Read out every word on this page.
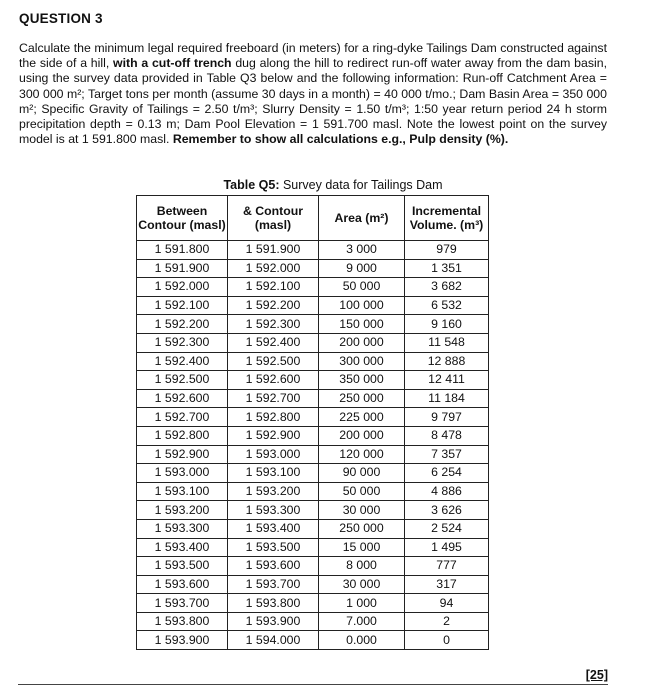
QUESTION 3
Calculate the minimum legal required freeboard (in meters) for a ring-dyke Tailings Dam constructed against the side of a hill, with a cut-off trench dug along the hill to redirect run-off water away from the dam basin, using the survey data provided in Table Q3 below and the following information: Run-off Catchment Area = 300 000 m²; Target tons per month (assume 30 days in a month) = 40 000 t/mo.; Dam Basin Area = 350 000 m²; Specific Gravity of Tailings = 2.50 t/m³; Slurry Density = 1.50 t/m³; 1:50 year return period 24 h storm precipitation depth = 0.13 m; Dam Pool Elevation = 1 591.700 masl. Note the lowest point on the survey model is at 1 591.800 masl. Remember to show all calculations e.g., Pulp density (%).
Table Q5: Survey data for Tailings Dam
Between Contour (masl)	& Contour (masl)	Area (m²)	Incremental Volume. (m³)
1 591.800	1 591.900	3 000	979
1 591.900	1 592.000	9 000	1 351
1 592.000	1 592.100	50 000	3 682
1 592.100	1 592.200	100 000	6 532
1 592.200	1 592.300	150 000	9 160
1 592.300	1 592.400	200 000	11 548
1 592.400	1 592.500	300 000	12 888
1 592.500	1 592.600	350 000	12 411
1 592.600	1 592.700	250 000	11 184
1 592.700	1 592.800	225 000	9 797
1 592.800	1 592.900	200 000	8 478
1 592.900	1 593.000	120 000	7 357
1 593.000	1 593.100	90 000	6 254
1 593.100	1 593.200	50 000	4 886
1 593.200	1 593.300	30 000	3 626
1 593.300	1 593.400	250 000	2 524
1 593.400	1 593.500	15 000	1 495
1 593.500	1 593.600	8 000	777
1 593.600	1 593.700	30 000	317
1 593.700	1 593.800	1 000	94
1 593.800	1 593.900	7.000	2
1 593.900	1 594.000	0.000	0
[25]
